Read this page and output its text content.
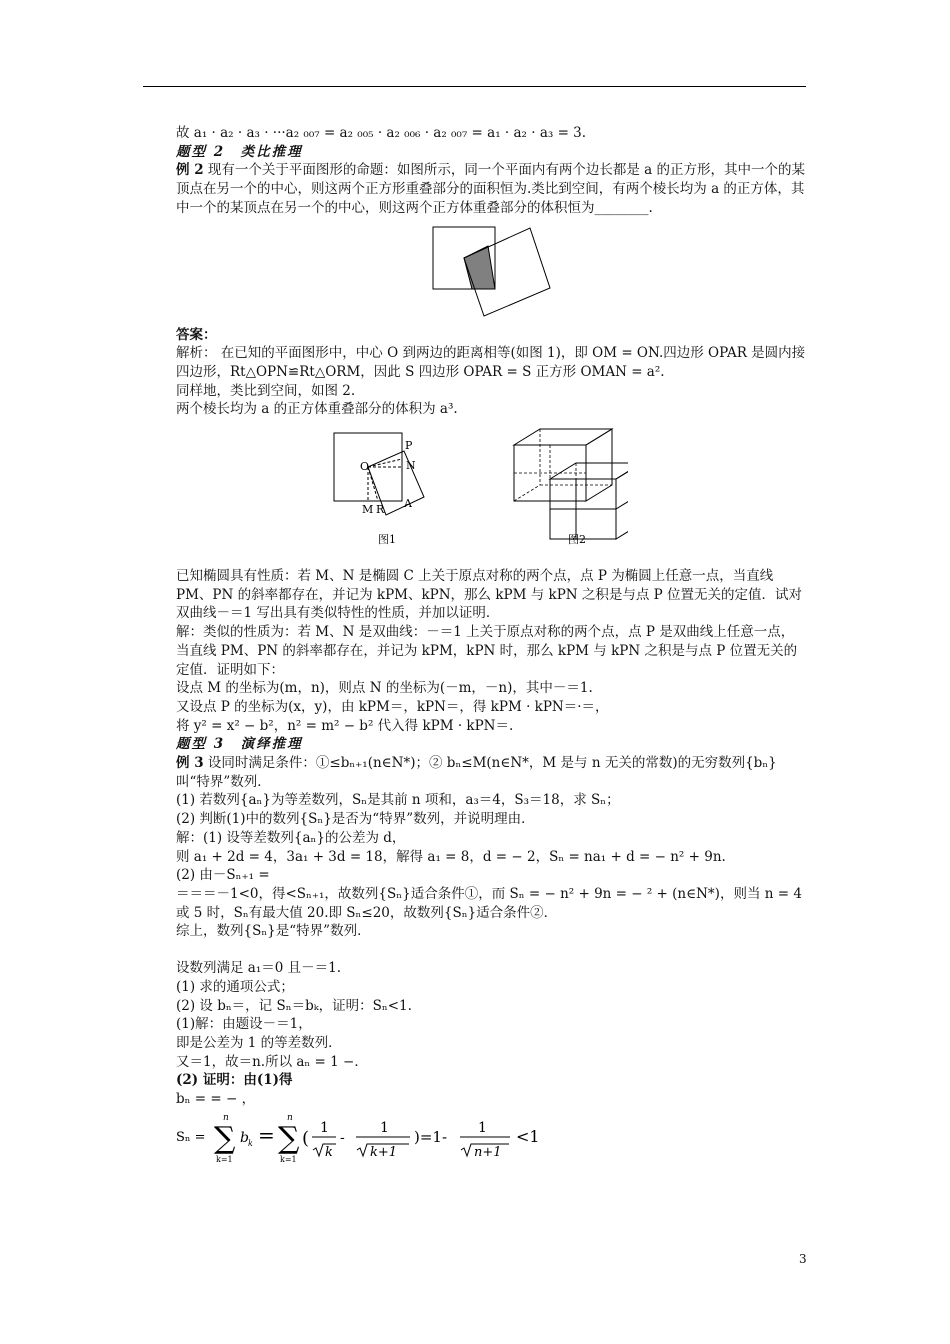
故 a₁ · a₂ · a₃ · ···a₂ ₀₀₇ = a₂ ₀₀₅ · a₂ ₀₀₆ · a₂ ₀₀₇ = a₁ · a₂ · a₃ = 3.
题型 2　类比推理
例 2 现有一个关于平面图形的命题：如图所示，同一个平面内有两个边长都是 a 的正方形，其中一个的某顶点在另一个的中心，则这两个正方形重叠部分的面积恒为.类比到空间，有两个棱长均为 a 的正方体，其中一个的某顶点在另一个的中心，则这两个正方体重叠部分的体积恒为________.
答案：
解析： 在已知的平面图形中，中心 O 到两边的距离相等(如图 1)，即 OM = ON.四边形 OPAR 是圆内接四边形，Rt△OPN≌Rt△ORM，因此 S 四边形 OPAR = S 正方形 OMAN = a².
同样地，类比到空间，如图 2.
两个棱长均为 a 的正方体重叠部分的体积为 a³.
O
P
N
M R A
图1	图2
已知椭圆具有性质：若 M、N 是椭圆 C 上关于原点对称的两个点，点 P 为椭圆上任意一点，当直线 PM、PN 的斜率都存在，并记为 kPM、kPN，那么 kPM 与 kPN 之积是与点 P 位置无关的定值．试对双曲线－＝1 写出具有类似特性的性质，并加以证明．
解：类似的性质为：若 M、N 是双曲线：－＝1 上关于原点对称的两个点，点 P 是双曲线上任意一点，当直线 PM、PN 的斜率都存在，并记为 kPM，kPN 时，那么 kPM 与 kPN 之积是与点 P 位置无关的定值．证明如下：
设点 M 的坐标为(m，n)，则点 N 的坐标为(－m，－n)，其中－＝1.
又设点 P 的坐标为(x，y)，由 kPM＝，kPN＝，得 kPM · kPN＝·＝，
将 y² = x² − b²，n² = m² − b² 代入得 kPM · kPN＝.
题型 3　演绎推理
例 3 设同时满足条件：①≤bₙ₊₁(n∈N*)；② bₙ≤M(n∈N*，M 是与 n 无关的常数)的无穷数列{bₙ}叫“特界”数列．
(1) 若数列{aₙ}为等差数列，Sₙ是其前 n 项和，a₃＝4，S₃＝18，求 Sₙ；
(2) 判断(1)中的数列{Sₙ}是否为“特界”数列，并说明理由．
解：(1) 设等差数列{aₙ}的公差为 d，
则 a₁ + 2d = 4，3a₁ + 3d = 18，解得 a₁ = 8，d = − 2，Sₙ = na₁ + d = − n² + 9n.
(2) 由－Sₙ₊₁ =
＝＝＝－1<0，得<Sₙ₊₁，故数列{Sₙ}适合条件①，而 Sₙ = − n² + 9n = − ² + (n∈N*)，则当 n = 4 或 5 时，Sₙ有最大值 20.即 Sₙ≤20，故数列{Sₙ}适合条件②．
综上，数列{Sₙ}是“特界”数列．
设数列满足 a₁＝0 且－＝1.
(1) 求的通项公式；
(2) 设 bₙ＝，记 Sₙ＝bₖ，证明：Sₙ<1.
(1)解：由题设－＝1，
即是公差为 1 的等差数列．
又＝1，故＝n.所以 aₙ = 1 −．
(2) 证明：由(1)得
bₙ = = − ，
Sₙ = ∑
n
k=1
b k = ∑
n
k=1
( 1
k
-
1
k+1
)=1- 1
n+1
<1
3
